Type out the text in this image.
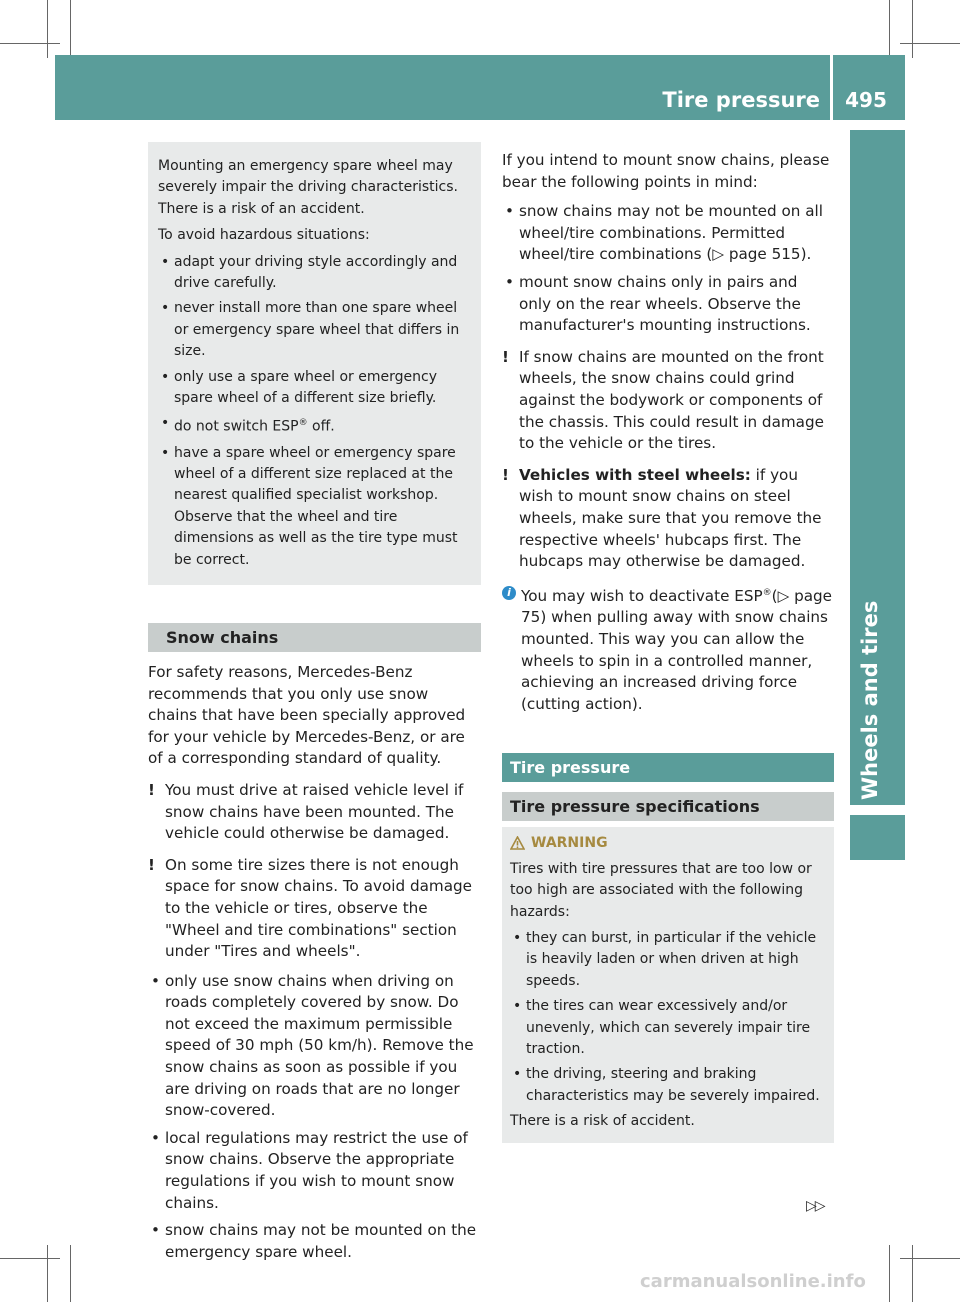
Tire pressure	495
Wheels and tires

Mounting an emergency spare wheel may severely impair the driving characteristics. There is a risk of an accident.

To avoid hazardous situations:

• adapt your driving style accordingly and drive carefully.
• never install more than one spare wheel or emergency spare wheel that differs in size.
• only use a spare wheel or emergency spare wheel of a different size briefly.
• do not switch ESP® off.
• have a spare wheel or emergency spare wheel of a different size replaced at the nearest qualified specialist workshop. Observe that the wheel and tire dimensions as well as the tire type must be correct.
Snow chains

For safety reasons, Mercedes-Benz recommends that you only use snow chains that have been specially approved for your vehicle by Mercedes-Benz, or are of a corresponding standard of quality.

! You must drive at raised vehicle level if snow chains have been mounted. The vehicle could otherwise be damaged.
! On some tire sizes there is not enough space for snow chains. To avoid damage to the vehicle or tires, observe the "Wheel and tire combinations" section under "Tires and wheels".
• only use snow chains when driving on roads completely covered by snow. Do not exceed the maximum permissible speed of 30 mph (50 km/h). Remove the snow chains as soon as possible if you are driving on roads that are no longer snow-covered.
• local regulations may restrict the use of snow chains. Observe the appropriate regulations if you wish to mount snow chains.
• snow chains may not be mounted on the emergency spare wheel.

If you intend to mount snow chains, please bear the following points in mind:

• snow chains may not be mounted on all wheel/tire combinations. Permitted wheel/tire combinations (▷ page 515).
• mount snow chains only in pairs and only on the rear wheels. Observe the manufacturer's mounting instructions.
! If snow chains are mounted on the front wheels, the snow chains could grind against the bodywork or components of the chassis. This could result in damage to the vehicle or the tires.
! Vehicles with steel wheels: if you wish to mount snow chains on steel wheels, make sure that you remove the respective wheels' hubcaps first. The hubcaps may otherwise be damaged.
i You may wish to deactivate ESP®(▷ page 75) when pulling away with snow chains mounted. This way you can allow the wheels to spin in a controlled manner, achieving an increased driving force (cutting action).
Tire pressure
Tire pressure specifications
WARNING

Tires with tire pressures that are too low or too high are associated with the following hazards:

• they can burst, in particular if the vehicle is heavily laden or when driven at high speeds.
• the tires can wear excessively and/or unevenly, which can severely impair tire traction.
• the driving, steering and braking characteristics may be severely impaired.

There is a risk of accident.

▷▷
carmanualsonline.info
